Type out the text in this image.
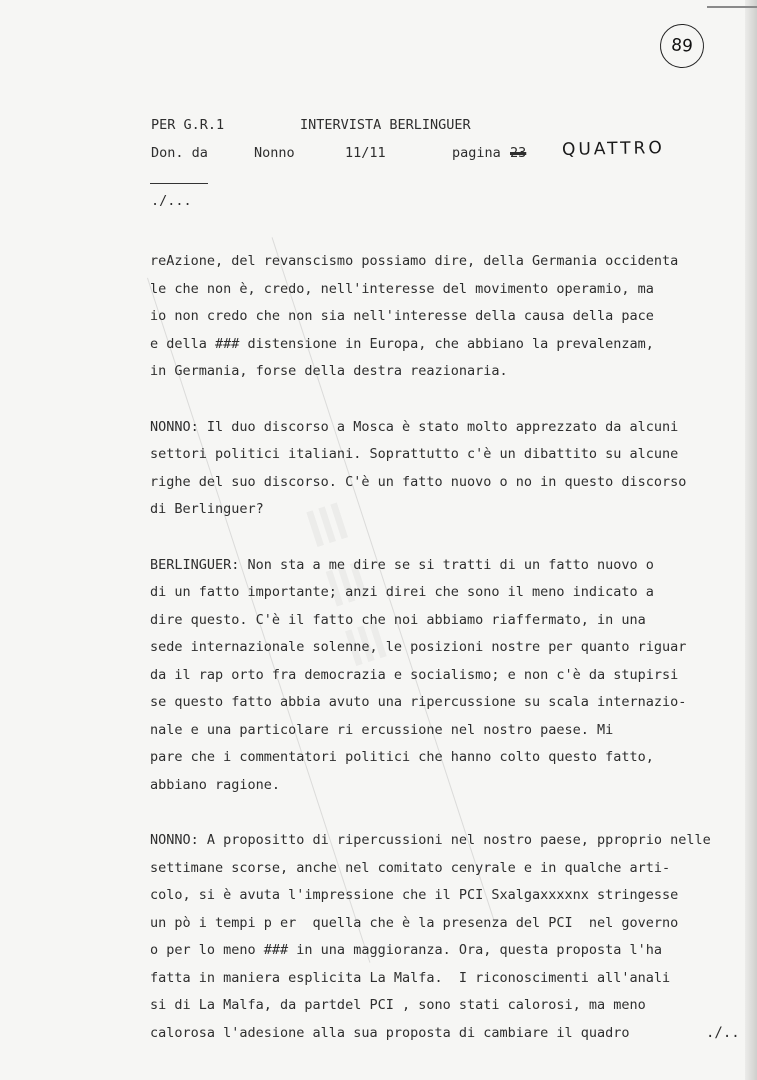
89
≡≡≡
PER G.R.1	INTERVISTA BERLINGUER
Don. da	Nonno	11/11	pagina 23 QUATTRO
./...
reAzione, del revanscismo possiamo dire, della Germania occidenta
le che non è, credo, nell'interesse del movimento operamio, ma
io non credo che non sia nell'interesse della causa della pace
e della ### distensione in Europa, che abbiano la prevalenzam,
in Germania, forse della destra reazionaria.
NONNO: Il duo discorso a Mosca è stato molto apprezzato da alcuni
settori politici italiani. Soprattutto c'è un dibattito su alcune
righe del suo discorso. C'è un fatto nuovo o no in questo discorso
di Berlinguer?
BERLINGUER: Non sta a me dire se si tratti di un fatto nuovo o
di un fatto importante; anzi direi che sono il meno indicato a
dire questo. C'è il fatto che noi abbiamo riaffermato, in una
sede internazionale solenne, le posizioni nostre per quanto riguar
da il rap orto fra democrazia e socialismo; e non c'è da stupirsi
se questo fatto abbia avuto una ripercussione su scala internazio-
nale e una particolare ri ercussione nel nostro paese. Mi
pare che i commentatori politici che hanno colto questo fatto,
abbiano ragione.
NONNO: A propositto di ripercussioni nel nostro paese, pproprio nelle
settimane scorse, anche nel comitato cenyrale e in qualche arti-
colo, si è avuta l'impressione che il PCI Sxalgaxxxxnx stringesse
un pò i tempi p er  quella che è la presenza del PCI  nel governo
o per lo meno ### in una maggioranza. Ora, questa proposta l'ha
fatta in maniera esplicita La Malfa.  I riconoscimenti all'anali
si di La Malfa, da partdel PCI , sono stati calorosi, ma meno
calorosa l'adesione alla sua proposta di cambiare il quadro	./..
